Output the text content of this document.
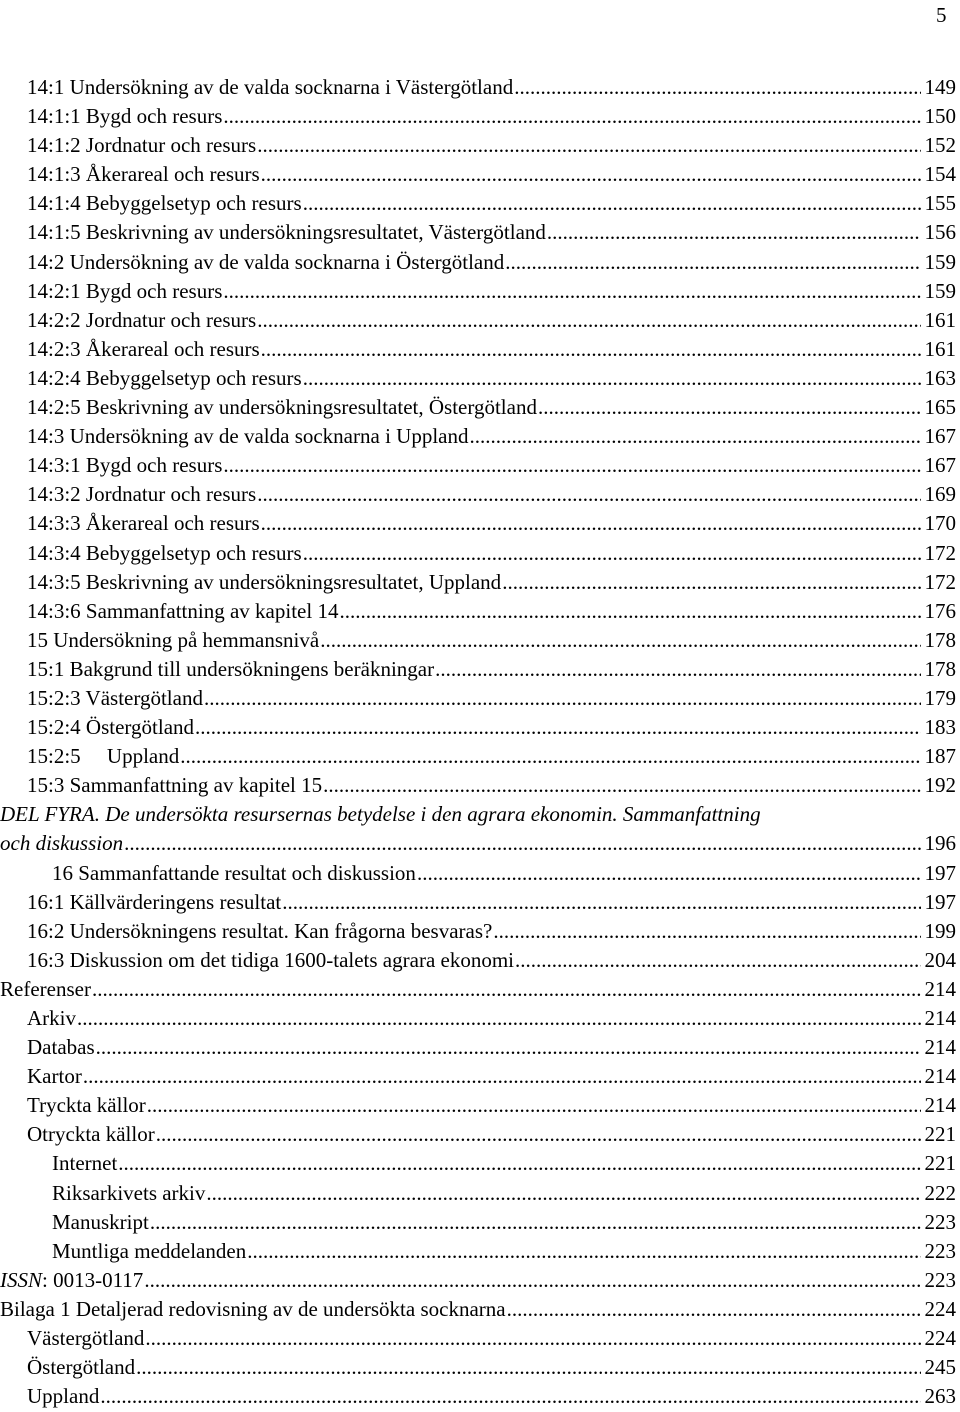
5
14:1 Undersökning av de valda socknarna i Västergötland .....	149
14:1:1 Bygd och resurs .....	150
14:1:2 Jordnatur och resurs .....	152
14:1:3 Åkerareal och resurs .....	154
14:1:4 Bebyggelsetyp och resurs .....	155
14:1:5 Beskrivning av undersökningsresultatet, Västergötland .....	156
14:2 Undersökning av de valda socknarna i Östergötland .....	159
14:2:1 Bygd och resurs .....	159
14:2:2 Jordnatur och resurs .....	161
14:2:3 Åkerareal och resurs .....	161
14:2:4 Bebyggelsetyp och resurs .....	163
14:2:5 Beskrivning av undersökningsresultatet, Östergötland .....	165
14:3 Undersökning av de valda socknarna i Uppland .....	167
14:3:1 Bygd och resurs .....	167
14:3:2 Jordnatur och resurs .....	169
14:3:3 Åkerareal och resurs .....	170
14:3:4 Bebyggelsetyp och resurs .....	172
14:3:5 Beskrivning av undersökningsresultatet, Uppland .....	172
14:3:6 Sammanfattning av kapitel 14 .....	176
15 Undersökning på hemmansnivå .....	178
15:1 Bakgrund till undersökningens beräkningar .....	178
15:2:3 Västergötland .....	179
15:2:4 Östergötland .....	183
15:2:5     Uppland .....	187
15:3 Sammanfattning av kapitel 15 .....	192
DEL FYRA. De undersökta resursernas betydelse i den agrara ekonomin. Sammanfattning
och diskussion .....	196
16 Sammanfattande resultat och diskussion .....	197
16:1 Källvärderingens resultat .....	197
16:2 Undersökningens resultat. Kan frågorna besvaras? .....	199
16:3 Diskussion om det tidiga 1600-talets agrara ekonomi .....	204
Referenser .....	214
Arkiv .....	214
Databas .....	214
Kartor .....	214
Tryckta källor .....	214
Otryckta källor .....	221
Internet .....	221
Riksarkivets arkiv .....	222
Manuskript .....	223
Muntliga meddelanden .....	223
ISSN: 0013-0117 .....	223
Bilaga 1 Detaljerad redovisning av de undersökta socknarna .....	224
Västergötland .....	224
Östergötland .....	245
Uppland .....	263
